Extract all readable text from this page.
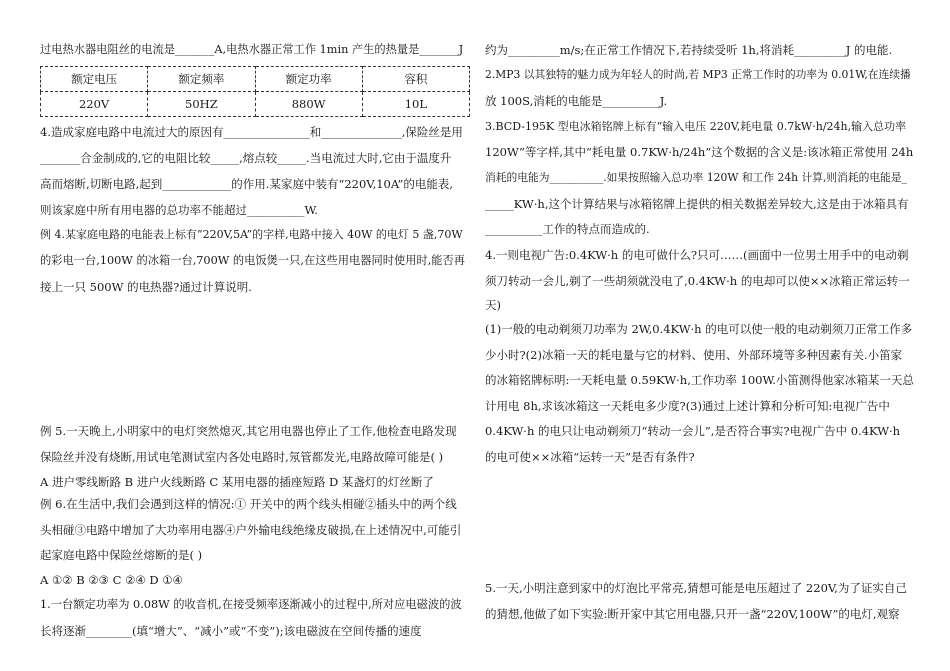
过电热水器电阻丝的电流是_______A,电热水器正常工作 1min 产生的热量是_______J
4.造成家庭电路中电流过大的原因有_______________和______________,保险丝是用
_______合金制成的,它的电阻比较_____,熔点较_____.当电流过大时,它由于温度升
高而熔断,切断电路,起到____________的作用.某家庭中装有“220V,10A”的电能表,
则该家庭中所有用电器的总功率不能超过__________W.
例 4.某家庭电路的电能表上标有“220V,5A”的字样,电路中接入 40W 的电灯 5 盏,70W
的彩电一台,100W 的冰箱一台,700W 的电饭煲一只,在这些用电器同时使用时,能否再
接上一只 500W 的电热器?通过计算说明.
例 5.一天晚上,小明家中的电灯突然熄灭,其它用电器也停止了工作,他检查电路发现
保险丝并没有烧断,用试电笔测试室内各处电路时,氖管都发光,电路故障可能是( )
A 进户零线断路 B 进户火线断路 C 某用电器的插座短路 D 某盏灯的灯丝断了
例 6.在生活中,我们会遇到这样的情况:① 开关中的两个线头相碰②插头中的两个线
头相碰③电路中增加了大功率用电器④户外输电线绝缘皮破损,在上述情况中,可能引
起家庭电路中保险丝熔断的是( )
A ①② B ②③ C ②④ D ①④
1.一台额定功率为 0.08W 的收音机,在接受频率逐渐减小的过程中,所对应电磁波的波
长将逐渐________(填“增大”、“减小”或“不变”);该电磁波在空间传播的速度
额定电压	额定频率	额定功率	容积
220V	50HZ	880W	10L
约为_________m/s;在正常工作情况下,若持续受听 1h,将消耗_________J 的电能.
2.MP3 以其独特的魅力成为年轻人的时尚,若 MP3 正常工作时的功率为 0.01W,在连续播
放 100S,消耗的电能是__________J.
3.BCD-195K 型电冰箱铭牌上标有“输入电压 220V,耗电量 0.7kW·h/24h,输入总功率
120W”等字样,其中“耗电量 0.7KW·h/24h”这个数据的含义是:该冰箱正常使用 24h
消耗的电能为__________.如果按照输入总功率 120W 和工作 24h 计算,则消耗的电能是_
_____KW·h,这个计算结果与冰箱铭牌上提供的相关数据差异较大,这是由于冰箱具有
__________工作的特点而造成的.
4.一则电视广告:0.4KW·h 的电可做什么?只可……(画面中一位男士用手中的电动剃
须刀转动一会儿,剃了一些胡须就没电了,0.4KW·h 的电却可以使××冰箱正常运转一
天)
(1)一般的电动剃须刀功率为 2W,0.4KW·h 的电可以使一般的电动剃须刀正常工作多
少小时?(2)冰箱一天的耗电量与它的材料、使用、外部环境等多种因素有关.小笛家
的冰箱铭牌标明:一天耗电量 0.59KW·h,工作功率 100W.小笛测得他家冰箱某一天总
计用电 8h,求该冰箱这一天耗电多少度?(3)通过上述计算和分析可知:电视广告中
0.4KW·h 的电只让电动剃须刀“转动一会儿”,是否符合事实?电视广告中 0.4KW·h
的电可使××冰箱“运转一天”是否有条件?
5.一天,小明注意到家中的灯泡比平常亮,猜想可能是电压超过了 220V,为了证实自己
的猜想,他做了如下实验:断开家中其它用电器,只开一盏“220V,100W”的电灯,观察
